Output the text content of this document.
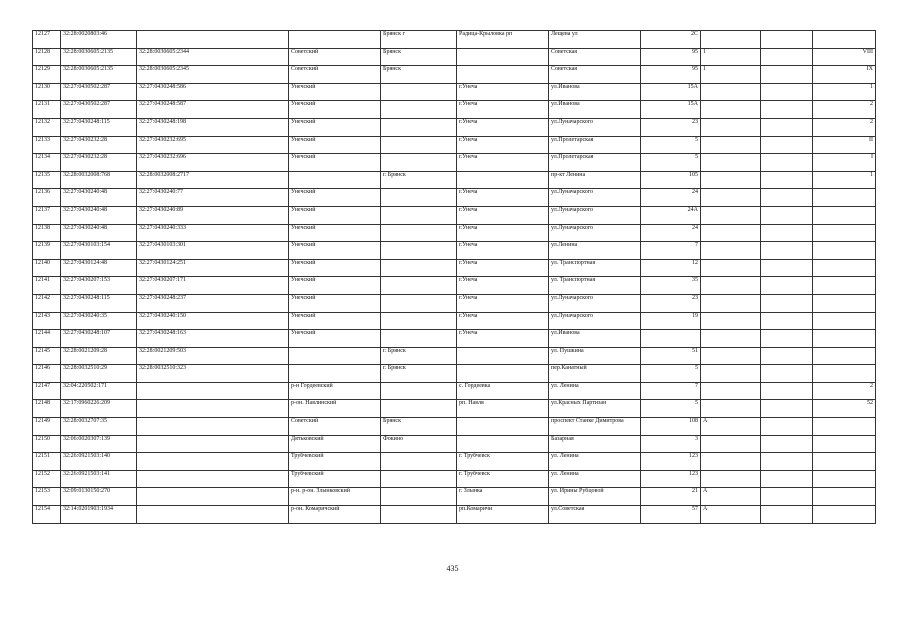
12127	32:28:0020803:46			Брянск г	Радица-Крыловка рп	Лещева ул	2С			
12128	32:28:0030605:2135	32:28:0030605:2344	Советский	Брянск		Советская	95	1		VIII
12129	32:28:0030605:2135	32:28:0030605:2345	Советский	Брянск		Советская	95	1		IX
12130	32:27:0430502:287	32:27:0430248:586	Унечский		г.Унеча	ул.Иванова	15А			1
12131	32:27:0430502:287	32:27:0430248:587	Унечский		г.Унеча	ул.Иванова	15А			2
12132	32:27:0430248:115	32:27:0430248:198	Унечский		г.Унеча	ул.Луначарского	23			2
12133	32:27:0430232:28	32:27:0430232:695	Унечский		г.Унеча	ул.Пролетарская	5			II
12134	32:27:0430232:28	32:27:0430232:696	Унечский		г.Унеча	ул.Пролетарская	5			I
12135	32:28:0032008:768	32:28:0032008:2717		г. Брянск		пр-кт Ленина	105			1
12136	32:27:0430240:48	32:27:0430240:77	Унечский		г.Унеча	ул.Луначарского	24			
12137	32:27:0430240:48	32:27:0430240:89	Унечский		г.Унеча	ул.Луначарского	24А			
12138	32:27:0430240:48	32:27:0430240:333	Унечский		г.Унеча	ул.Луначарского	24			
12139	32:27:0430103:154	32:27:0430103:301	Унечский		г.Унеча	ул.Ленина	7			
12140	32:27:0430124:48	32:27:0430124:251	Унечский		г.Унеча	ул. Транспортная	12			
12141	32:27:0430207:153	32:27:0430207:171	Унечский		г.Унеча	ул. Транспортная	35			
12142	32:27:0430248:115	32:27:0430248:237	Унечский		г.Унеча	ул.Луначарского	23			
12143	32:27:0430240:35	32:27:0430240:150	Унечский		г.Унеча	ул.Луначарского	19			
12144	32:27:0430248:107	32:27:0430248:163	Унечский		г.Унеча	ул.Иванова				
12145	32:28:0021209:28	32:28:0021209:503		г. Брянск		ул. Пушкина	51			
12146	32:28:0032510:29	32:28:0032510:323		г. Брянск		пер.Канатный	5			
12147	32:04:220502:171		р-н Гордеевский		с. Гордеевка	ул. Ленина	7			2
12148	32:17:0960226:209		р-он. Навлинский		рп. Навля	ул.Красных Партизан	5			52
12149	32:28:0032707:35		Советский	Брянск		проспект Станке Димитрова	108	А		
12150	32:06:0020307:139		Дятьковский	Фокино		Базарная	3			
12151	32:26:0921503:140		Трубчевский		г. Трубчевск	ул. Ленина	123			
12152	32:26:0921503:141		Трубчевский		г. Трубчевск	ул. Ленина	123			
12153	32:09:0130150:270		р-н. р-он. Злынковский		г. Злынка	ул. Ирины Рубцовой	21	А		
12154	32:14:0201903:1934		р-он. Комаричский		рп.Комаричи	ул.Советская	57	А		
435
